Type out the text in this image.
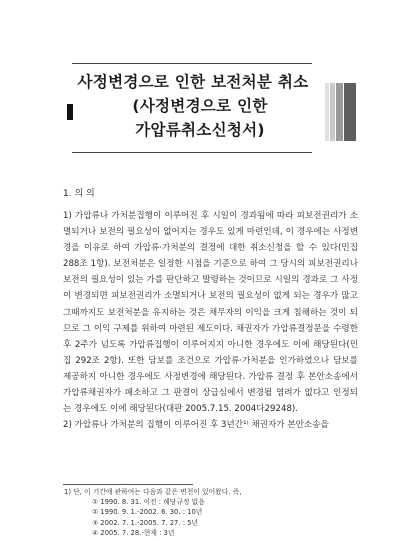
사정변경으로 인한 보전처분 취소
(사정변경으로 인한
가압류취소신청서)
1. 의 의

1) 가압류나 가처분집행이 이루어진 후 시일이 경과됨에 따라 피보전권리가 소멸되거나 보전의 필요성이 없어지는 경우도 있게 마련인데, 이 경우에는 사정변경을 이유로 하여 가압류·가처분의 결정에 대한 취소신청을 할 수 있다(민집 288조 1항). 보전처분은 일정한 시점을 기준으로 하여 그 당시의 피보전권리나 보전의 필요성이 있는 가를 판단하고 발령하는 것이므로 시일의 경과로 그 사정이 변경되면 피보전권리가 소멸되거나 보전의 필요성이 없게 되는 경우가 많고 그때까지도 보전처분을 유지하는 것은 채무자의 이익을 크게 침해하는 것이 되므로 그 이익 구제를 위하여 마련된 제도이다. 채권자가 가압류결정문을 수령한 후 2주가 넘도록 가압류집행이 이루어지지 아니한 경우에도 이에 해당된다(민집 292조 2항). 또한 담보를 조건으로 가압류·가처분을 인가하였으나 담보를 제공하지 아니한 경우에도 사정변경에 해당된다. 가압류 결정 후 본안소송에서 가압류채권자가 패소하고 그 판결이 상급심에서 변경될 염려가 없다고 인정되는 경우에도 이에 해당된다(대판 2005.7.15. 2004다29248).

2) 가압류나 가처분의 집행이 이루어진 후 3년간¹⁾ 채권자가 본안소송을

1) 단, 이 기간에 관하여는 다음과 같은 변천이 있어왔다. 즉,
① 1990. 8. 31. 이전 : 해당규정 없음
② 1990. 9. 1.-2002. 6. 30. : 10년
③ 2002. 7. 1.-2005. 7. 27. : 5년
④ 2005. 7. 28.-현재 : 3년
